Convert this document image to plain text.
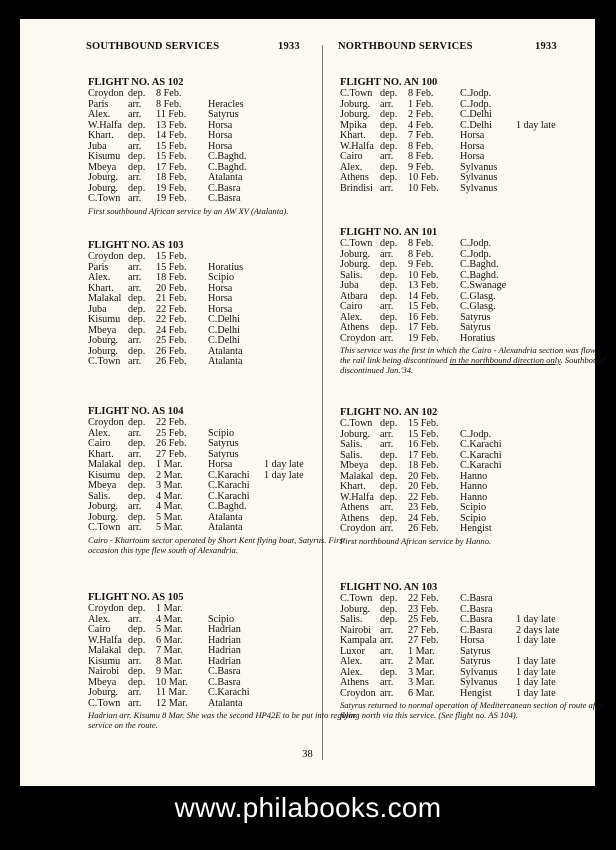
SOUTHBOUND SERVICES	1933	NORTHBOUND SERVICES	1933
FLIGHT NO. AS 102
Croydon dep. 8 Feb.
Paris arr. 8 Feb.	Heracles
Alex. arr. 11 Feb. Satyrus
W.Halfa dep. 13 Feb. Horsa
Khart. dep. 14 Feb. Horsa
Juba arr. 15 Feb. Horsa
Kisumu dep. 15 Feb. C.Baghd.
Mbeya dep. 17 Feb. C.Baghd.
Joburg. arr. 18 Feb. Atalanta
Joburg. dep. 19 Feb. C.Basra
C.Town arr. 19 Feb. C.Basra
First southbound African service by an AW XV (Atalanta).
FLIGHT NO. AS 103
Croydon dep. 15 Feb.
Paris arr. 15 Feb. Horatius
Alex. arr. 18 Feb. Scipio
Khart. arr. 20 Feb. Horsa
Malakal dep. 21 Feb. Horsa
Juba dep. 22 Feb. Horsa
Kisumu dep. 22 Feb. C.Delhi
Mbeya dep. 24 Feb. C.Delhi
Joburg. arr. 25 Feb. C.Delhi
Joburg. dep. 26 Feb. Atalanta
C.Town arr. 26 Feb. Atalanta
FLIGHT NO. AS 104
Croydon dep. 22 Feb.
Alex. arr. 25 Feb. Scipio
Cairo dep. 26 Feb. Satyrus
Khart. arr. 27 Feb. Satyrus
Malakal dep. 1 Mar. Horsa	1 day late
Kisumu dep. 2 Mar. C.Karachi 1 day late
Mbeya dep. 3 Mar. C.Karachi
Salis. dep. 4 Mar. C.Karachi
Joburg. arr. 4 Mar. C.Baghd.
Joburg. dep. 5 Mar. Atalanta
C.Town arr. 5 Mar. Atalanta
Cairo - Khartoum sector operated by Short Kent flying boat, Satyrus. First occasion this type flew south of Alexandria.
FLIGHT NO. AS 105
Croydon dep. 1 Mar.
Alex. arr. 4 Mar. Scipio
Cairo dep. 5 Mar. Hadrian
W.Halfa dep. 6 Mar. Hadrian
Malakal dep. 7 Mar. Hadrian
Kisumu arr. 8 Mar. Hadrian
Nairobi dep. 9 Mar. C.Basra
Mbeya dep. 10 Mar. C.Basra
Joburg. arr. 11 Mar. C.Karachi
C.Town arr. 12 Mar. Atalanta
Hadrian arr. Kisumu 8 Mar. She was the second HP42E to be put into regular service on the route.
FLIGHT NO. AN 100
C.Town dep. 8 Feb.	C.Jodp.
Joburg. arr. 1 Feb.	C.Jodp.
Joburg. dep. 2 Feb.	C.Delhi
Mpika dep. 4 Feb.	C.Delhi 1 day late
Khart. dep. 7 Feb.	Horsa
W.Halfa dep. 8 Feb.	Horsa
Cairo arr. 8 Feb.	Horsa
Alex. dep. 9 Feb.	Sylvanus
Athens dep. 10 Feb. Sylvanus
Brindisi arr. 10 Feb. Sylvanus
FLIGHT NO. AN 101
C.Town dep. 8 Feb.	C.Jodp.
Joburg. arr. 8 Feb.	C.Jodp.
Joburg. dep. 9 Feb.	C.Baghd.
Salis. dep. 10 Feb. C.Baghd.
Juba dep. 13 Feb. C.Swanage
Atbara dep. 14 Feb. C.Glasg.
Cairo arr. 15 Feb. C.Glasg.
Alex. dep. 16 Feb. Satyrus
Athens dep. 17 Feb. Satyrus
Croydon arr. 19 Feb. Horatius
This service was the first in which the Cairo - Alexandria section was flown; the rail link being discontinued in the northbound direction only. Southbound discontinued Jan.'34.
FLIGHT NO. AN 102
C.Town dep. 15 Feb.
Joburg. arr. 15 Feb. C.Jodp.
Salis. arr. 16 Feb. C.Karachi
Salis. dep. 17 Feb. C.Karachi
Mbeya dep. 18 Feb. C.Karachi
Malakal dep. 20 Feb. Hanno
Khart. dep. 20 Feb. Hanno
W.Halfa dep. 22 Feb. Hanno
Athens arr. 23 Feb. Scipio
Athens dep. 24 Feb. Scipio
Croydon arr. 26 Feb. Hengist
First northbound African service by Hanno.
FLIGHT NO. AN 103
C.Town dep. 22 Feb. C.Basra
Joburg. dep. 23 Feb. C.Basra
Salis. dep. 25 Feb. C.Basra 1 day late
Nairobi arr. 27 Feb. C.Basra 2 days late
Kampala arr. 27 Feb. Horsa	1 day late
Luxor arr. 1 Mar. Satyrus
Alex. arr. 2 Mar. Satyrus 1 day late
Alex. dep. 3 Mar. Sylvanus 1 day late
Athens arr. 3 Mar. Sylvanus 1 day late
Croydon arr. 6 Mar. Hengist 1 day late
Satyrus returned to normal operation of Mediterranean section of route after flying north via this service. (See flight no. AS 104).
38
www.philabooks.com
